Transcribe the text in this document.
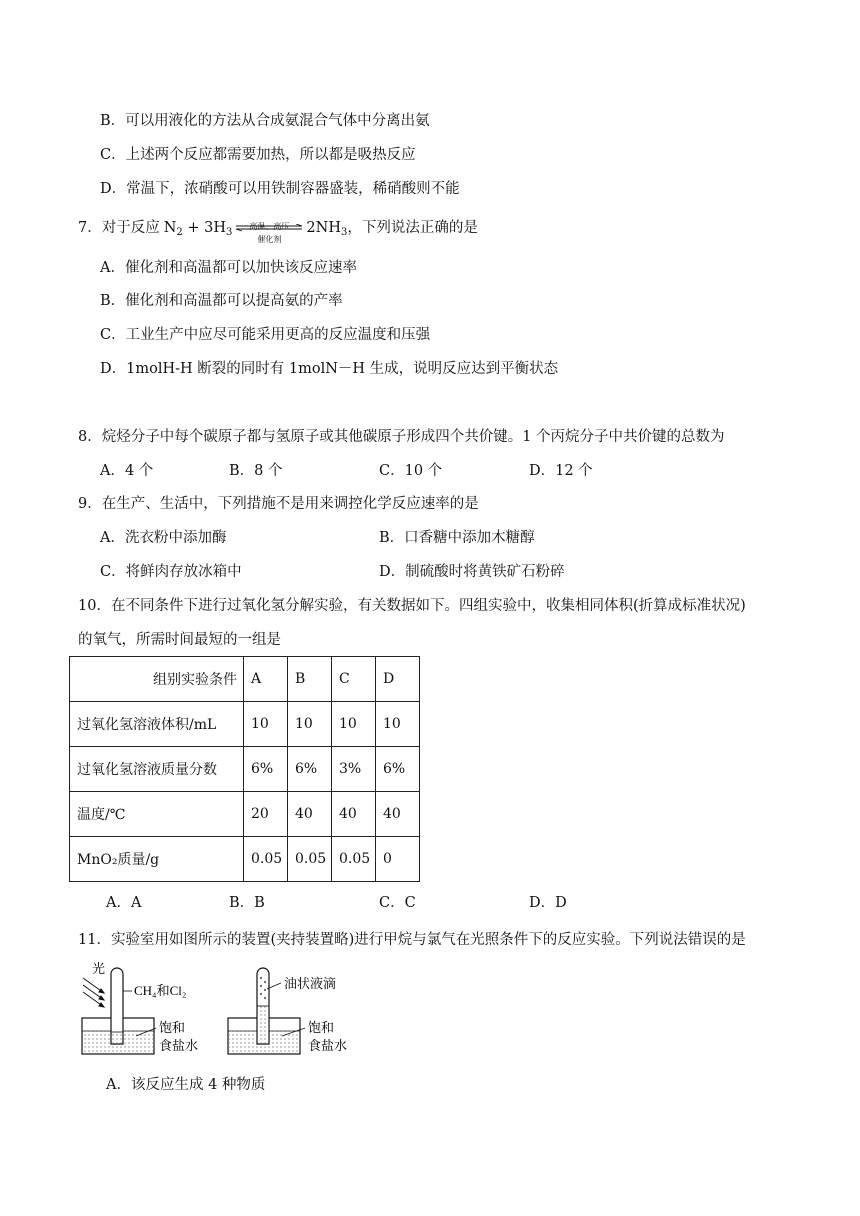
B．可以用液化的方法从合成氨混合气体中分离出氨
C．上述两个反应都需要加热，所以都是吸热反应
D．常温下，浓硝酸可以用铁制容器盛装，稀硝酸则不能
7．对于反应 $N_2 + 3H_3$
高温、高压
催化剂
$2NH_3$，下列说法正确的是
A．催化剂和高温都可以加快该反应速率
B．催化剂和高温都可以提高氨的产率
C．工业生产中应尽可能采用更高的反应温度和压强
D．1molH-H 断裂的同时有 1molN－H 生成，说明反应达到平衡状态
8．烷烃分子中每个碳原子都与氢原子或其他碳原子形成四个共价键。1 个丙烷分子中共价键的总数为
A．4 个	B．8 个	C．10 个	D．12 个
9．在生产、生活中，下列措施不是用来调控化学反应速率的是
A．洗衣粉中添加酶	B．口香糖中添加木糖醇
C．将鲜肉存放冰箱中	D．制硫酸时将黄铁矿石粉碎
10．在不同条件下进行过氧化氢分解实验，有关数据如下。四组实验中，收集相同体积(折算成标准状况)
的氧气，所需时间最短的一组是
组别实验条件	A	B	C	D
过氧化氢溶液体积/mL	10	10	10	10
过氧化氢溶液质量分数	6%	6%	3%	6%
温度/℃	20	40	40	40
MnO₂质量/g	0.05	0.05	0.05	0
A．A	B．B	C．C	D．D
11．实验室用如图所示的装置(夹持装置略)进行甲烷与氯气在光照条件下的反应实验。下列说法错误的是
光
CH₄和Cl₂
饱和
食盐水
油状液滴
饱和
食盐水
A．该反应生成 4 种物质
